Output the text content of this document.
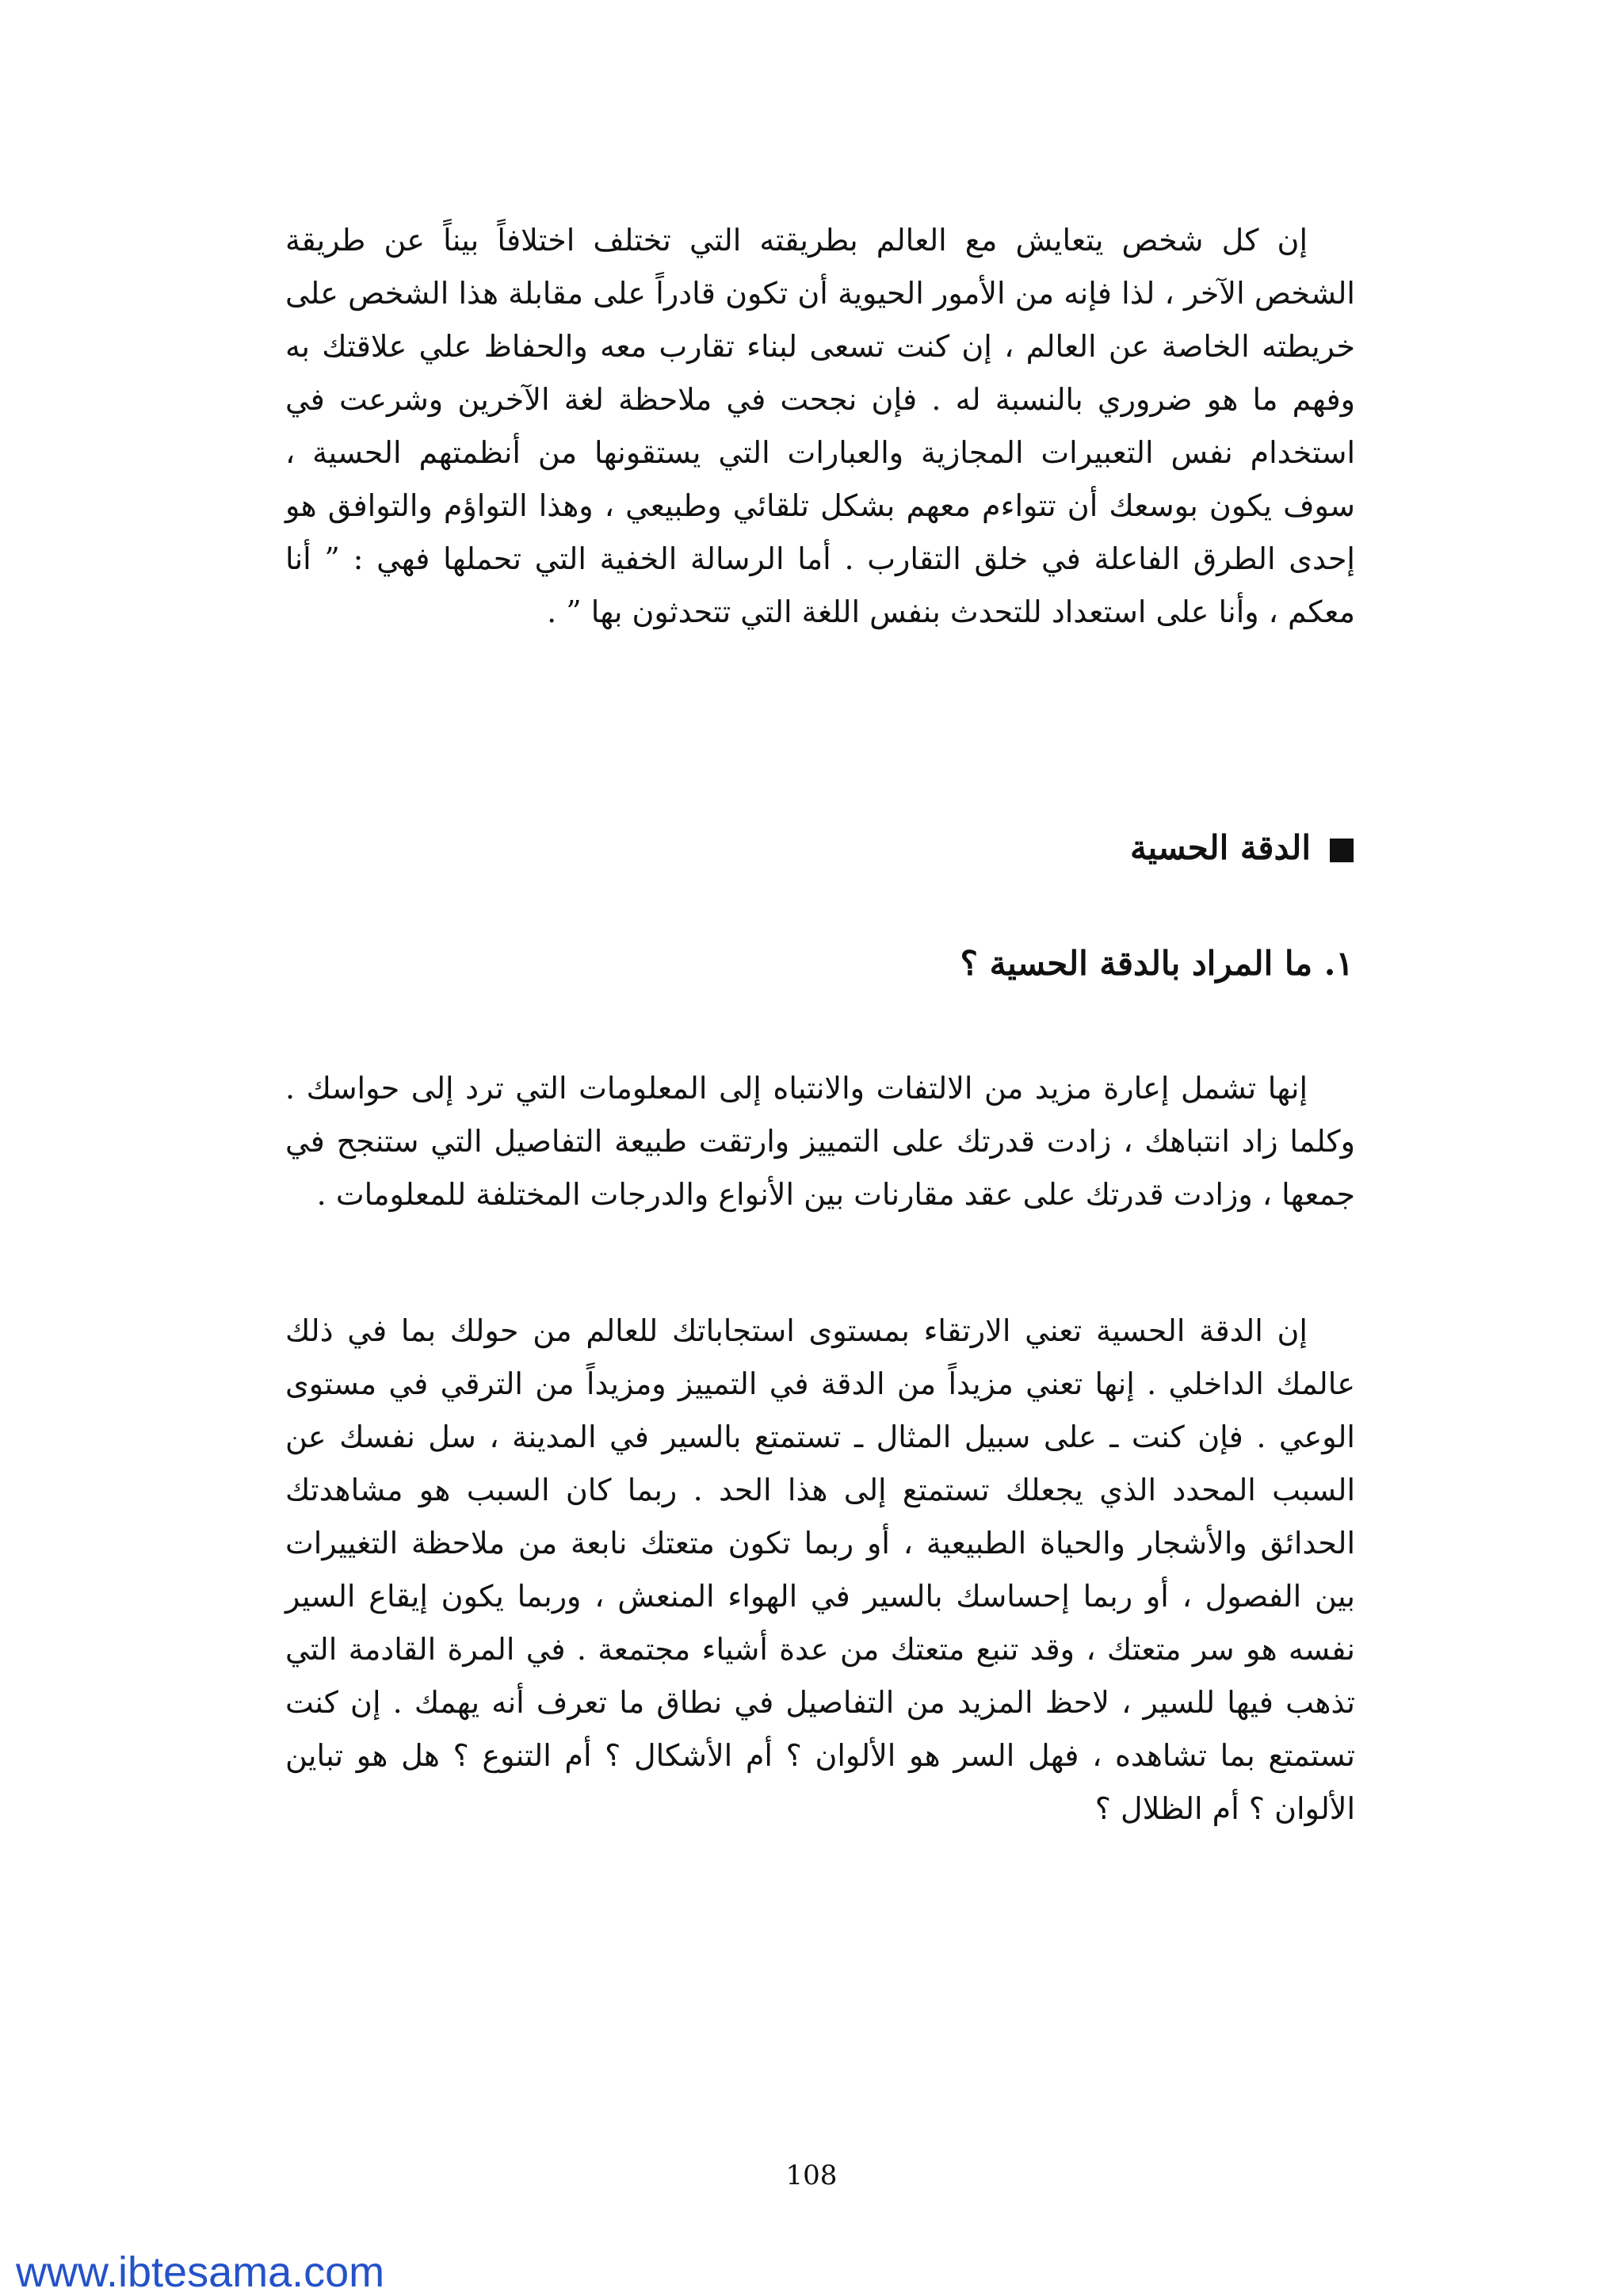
إن كل شخص يتعايش مع العالم بطريقته التي تختلف اختلافاً بيناً عن طريقة الشخص الآخر ، لذا فإنه من الأمور الحيوية أن تكون قادراً على مقابلة هذا الشخص على خريطته الخاصة عن العالم ، إن كنت تسعى لبناء تقارب معه والحفاظ علي علاقتك به وفهم ما هو ضروري بالنسبة له . فإن نجحت في ملاحظة لغة الآخرين وشرعت في استخدام نفس التعبيرات المجازية والعبارات التي يستقونها من أنظمتهم الحسية ، سوف يكون بوسعك أن تتواءم معهم بشكل تلقائي وطبيعي ، وهذا التواؤم والتوافق هو إحدى الطرق الفاعلة في خلق التقارب . أما الرسالة الخفية التي تحملها فهي : ” أنا معكم ، وأنا على استعداد للتحدث بنفس اللغة التي تتحدثون بها ” .

الدقة الحسية
١. ما المراد بالدقة الحسية ؟

إنها تشمل إعارة مزيد من الالتفات والانتباه إلى المعلومات التي ترد إلى حواسك . وكلما زاد انتباهك ، زادت قدرتك على التمييز وارتقت طبيعة التفاصيل التي ستنجح في جمعها ، وزادت قدرتك على عقد مقارنات بين الأنواع والدرجات المختلفة للمعلومات .

إن الدقة الحسية تعني الارتقاء بمستوى استجاباتك للعالم من حولك بما في ذلك عالمك الداخلي . إنها تعني مزيداً من الدقة في التمييز ومزيداً من الترقي في مستوى الوعي . فإن كنت ـ على سبيل المثال ـ تستمتع بالسير في المدينة ، سل نفسك عن السبب المحدد الذي يجعلك تستمتع إلى هذا الحد . ربما كان السبب هو مشاهدتك الحدائق والأشجار والحياة الطبيعية ، أو ربما تكون متعتك نابعة من ملاحظة التغييرات بين الفصول ، أو ربما إحساسك بالسير في الهواء المنعش ، وربما يكون إيقاع السير نفسه هو سر متعتك ، وقد تنبع متعتك من عدة أشياء مجتمعة . في المرة القادمة التي تذهب فيها للسير ، لاحظ المزيد من التفاصيل في نطاق ما تعرف أنه يهمك . إن كنت تستمتع بما تشاهده ، فهل السر هو الألوان ؟ أم الأشكال ؟ أم التنوع ؟ هل هو تباين الألوان ؟ أم الظلال ؟

108
www.ibtesama.com
